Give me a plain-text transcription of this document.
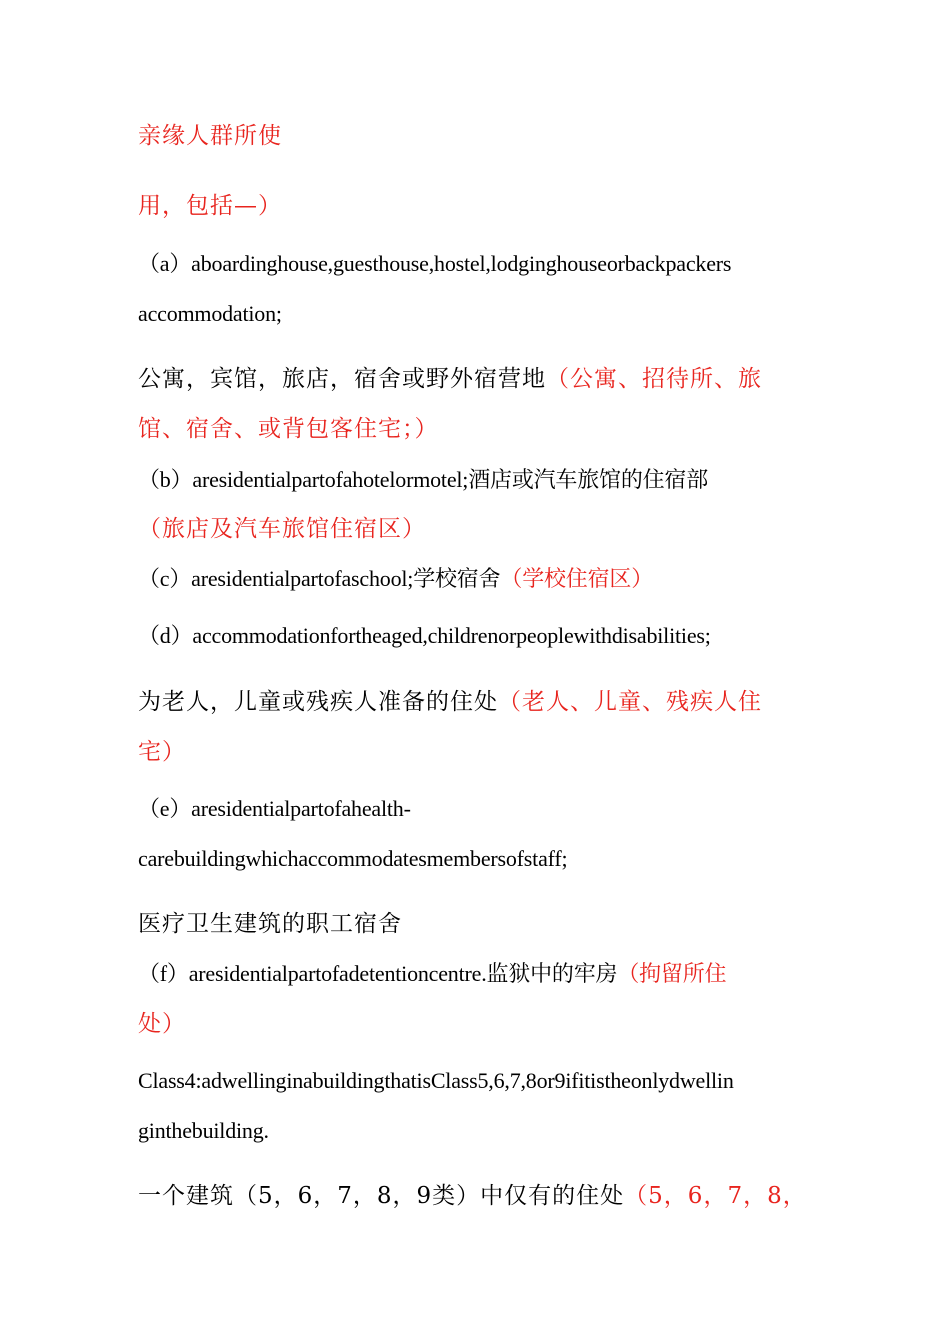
亲缘人群所使
用，包括—）
（a）aboardinghouse,guesthouse,hostel,lodginghouseorbackpackers
accommodation;
公寓，宾馆，旅店，宿舍或野外宿营地（公寓、招待所、旅
馆、宿舍、或背包客住宅；）
（b）aresidentialpartofahotelormotel;酒店或汽车旅馆的住宿部
（旅店及汽车旅馆住宿区）
（c）aresidentialpartofaschool;学校宿舍（学校住宿区）
（d）accommodationfortheaged,childrenorpeoplewithdisabilities;
为老人，儿童或残疾人准备的住处（老人、儿童、残疾人住
宅）
（e）aresidentialpartofahealth-
carebuildingwhichaccommodatesmembersofstaff;
医疗卫生建筑的职工宿舍
（f）aresidentialpartofadetentioncentre.监狱中的牢房（拘留所住
处）
Class4:adwellinginabuildingthatisClass5,6,7,8or9ifitistheonlydwellin
ginthebuilding.
一个建筑（5，6，7，8，9类）中仅有的住处（5，6，7，8，
